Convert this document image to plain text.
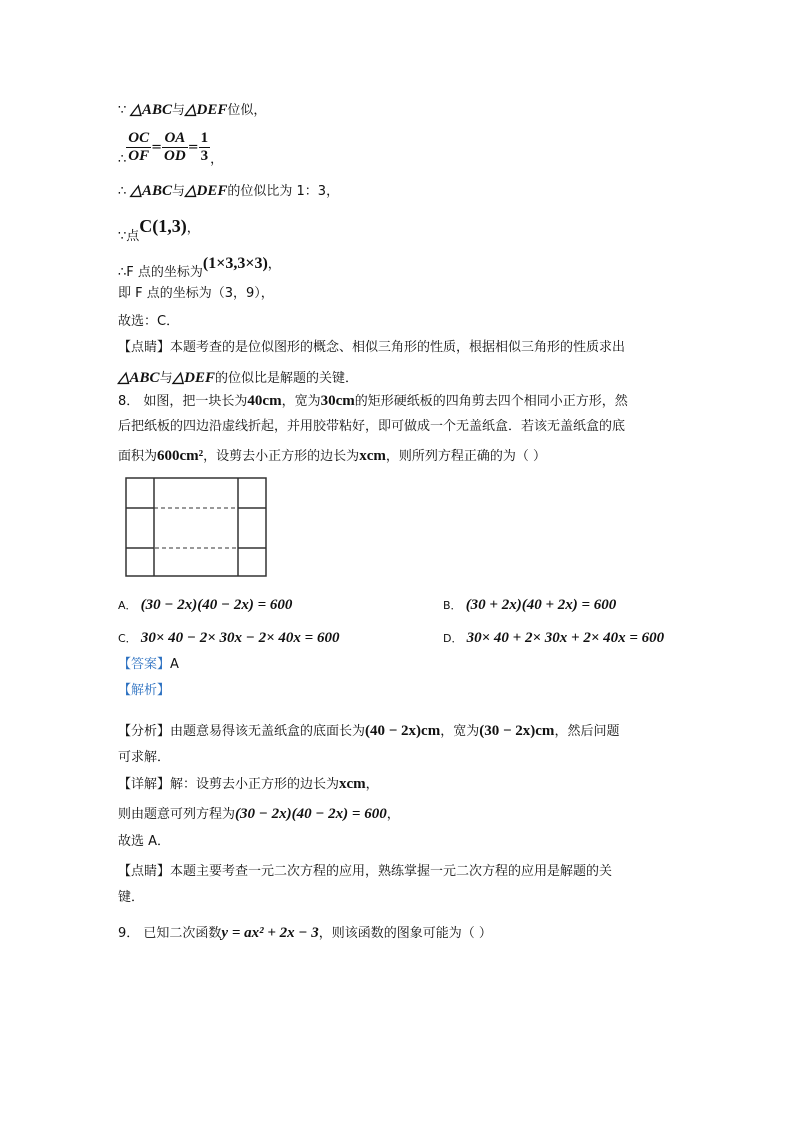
∵ △ABC与△DEF位似，
∴ $\frac{OC}{OF} = \frac{OA}{OD} = \frac{1}{3}$ ，
∴ △ABC与△DEF的位似比为 1：3，
∵点C(1,3)，
∴F 点的坐标为(1×3,3×3)，
即 F 点的坐标为（3，9），
故选：C．
【点睛】本题考查的是位似图形的概念、相似三角形的性质，根据相似三角形的性质求出
△ABC与△DEF的位似比是解题的关键．
8． 如图，把一块长为40cm，宽为30cm的矩形硬纸板的四角剪去四个相同小正方形，然
后把纸板的四边沿虚线折起，并用胶带粘好，即可做成一个无盖纸盒．若该无盖纸盒的底
面积为600cm²，设剪去小正方形的边长为xcm，则所列方程正确的为（ ）
A． (30 − 2x)(40 − 2x) = 600	B． (30 + 2x)(40 + 2x) = 600
C． 30× 40 − 2× 30x − 2× 40x = 600	D． 30× 40 + 2× 30x + 2× 40x = 600
【答案】A
【解析】
【分析】由题意易得该无盖纸盒的底面长为(40 − 2x)cm，宽为(30 − 2x)cm，然后问题
可求解．
【详解】解：设剪去小正方形的边长为xcm，
则由题意可列方程为(30 − 2x)(40 − 2x) = 600，
故选 A．
【点睛】本题主要考查一元二次方程的应用，熟练掌握一元二次方程的应用是解题的关
键．
9． 已知二次函数y = ax² + 2x − 3，则该函数的图象可能为（ ）
